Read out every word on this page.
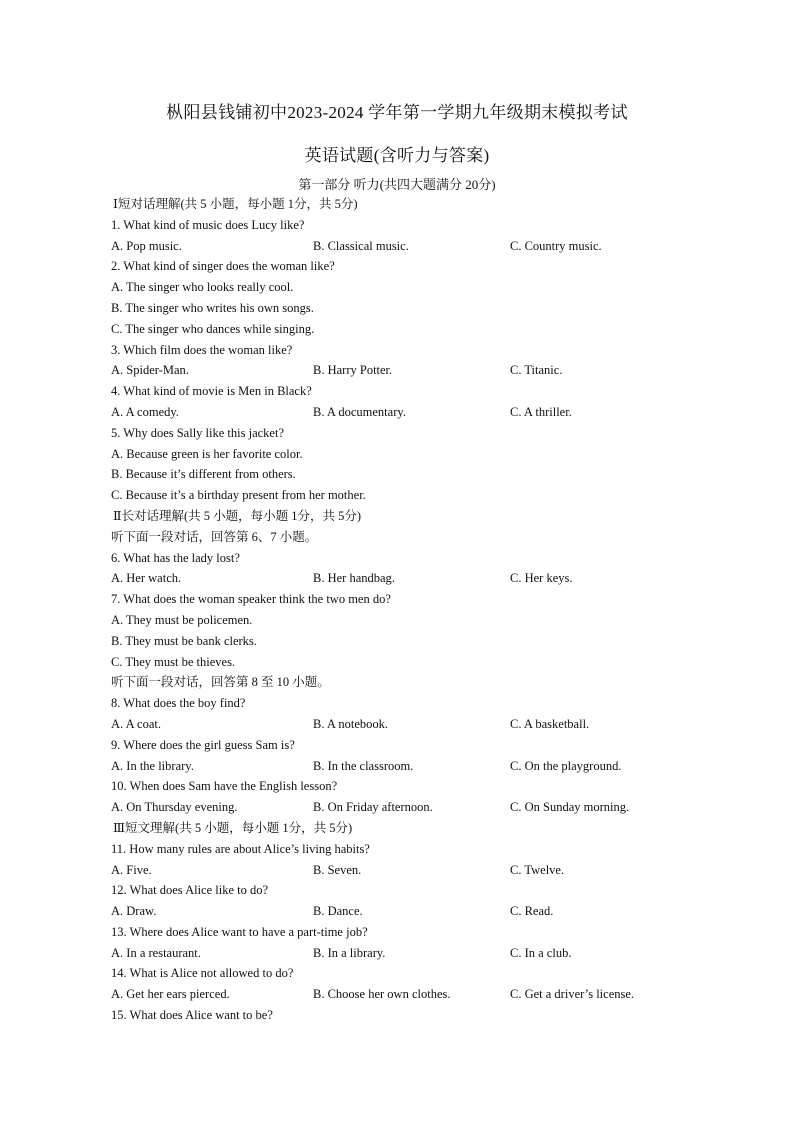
枞阳县钱铺初中2023-2024 学年第一学期九年级期末模拟考试
英语试题(含听力与答案)
第一部分 听力(共四大题满分 20分)
Ⅰ短对话理解(共 5 小题，每小题 1分，共 5分)
1. What kind of music does Lucy like?
A. Pop music.	B. Classical music.	C. Country music.
2. What kind of singer does the woman like?
A. The singer who looks really cool.
B. The singer who writes his own songs.
C. The singer who dances while singing.
3. Which film does the woman like?
A. Spider-Man.	B. Harry Potter.	C. Titanic.
4. What kind of movie is Men in Black?
A. A comedy.	B. A documentary.	C. A thriller.
5. Why does Sally like this jacket?
A. Because green is her favorite color.
B. Because it’s different from others.
C. Because it’s a birthday present from her mother.
Ⅱ长对话理解(共 5 小题，每小题 1分，共 5分)
听下面一段对话，回答第 6、7 小题。
6. What has the lady lost?
A. Her watch.	B. Her handbag.	C. Her keys.
7. What does the woman speaker think the two men do?
A. They must be policemen.
B. They must be bank clerks.
C. They must be thieves.
听下面一段对话，回答第 8 至 10 小题。
8. What does the boy find?
A. A coat.	B. A notebook.	C. A basketball.
9. Where does the girl guess Sam is?
A. In the library.	B. In the classroom.	C. On the playground.
10. When does Sam have the English lesson?
A. On Thursday evening.	B. On Friday afternoon.	C. On Sunday morning.
Ⅲ短文理解(共 5 小题，每小题 1分，共 5分)
11. How many rules are about Alice’s living habits?
A. Five.	B. Seven.	C. Twelve.
12. What does Alice like to do?
A. Draw.	B. Dance.	C. Read.
13. Where does Alice want to have a part-time job?
A. In a restaurant.	B. In a library.	C. In a club.
14. What is Alice not allowed to do?
A. Get her ears pierced.	B. Choose her own clothes.	C. Get a driver’s license.
15. What does Alice want to be?
